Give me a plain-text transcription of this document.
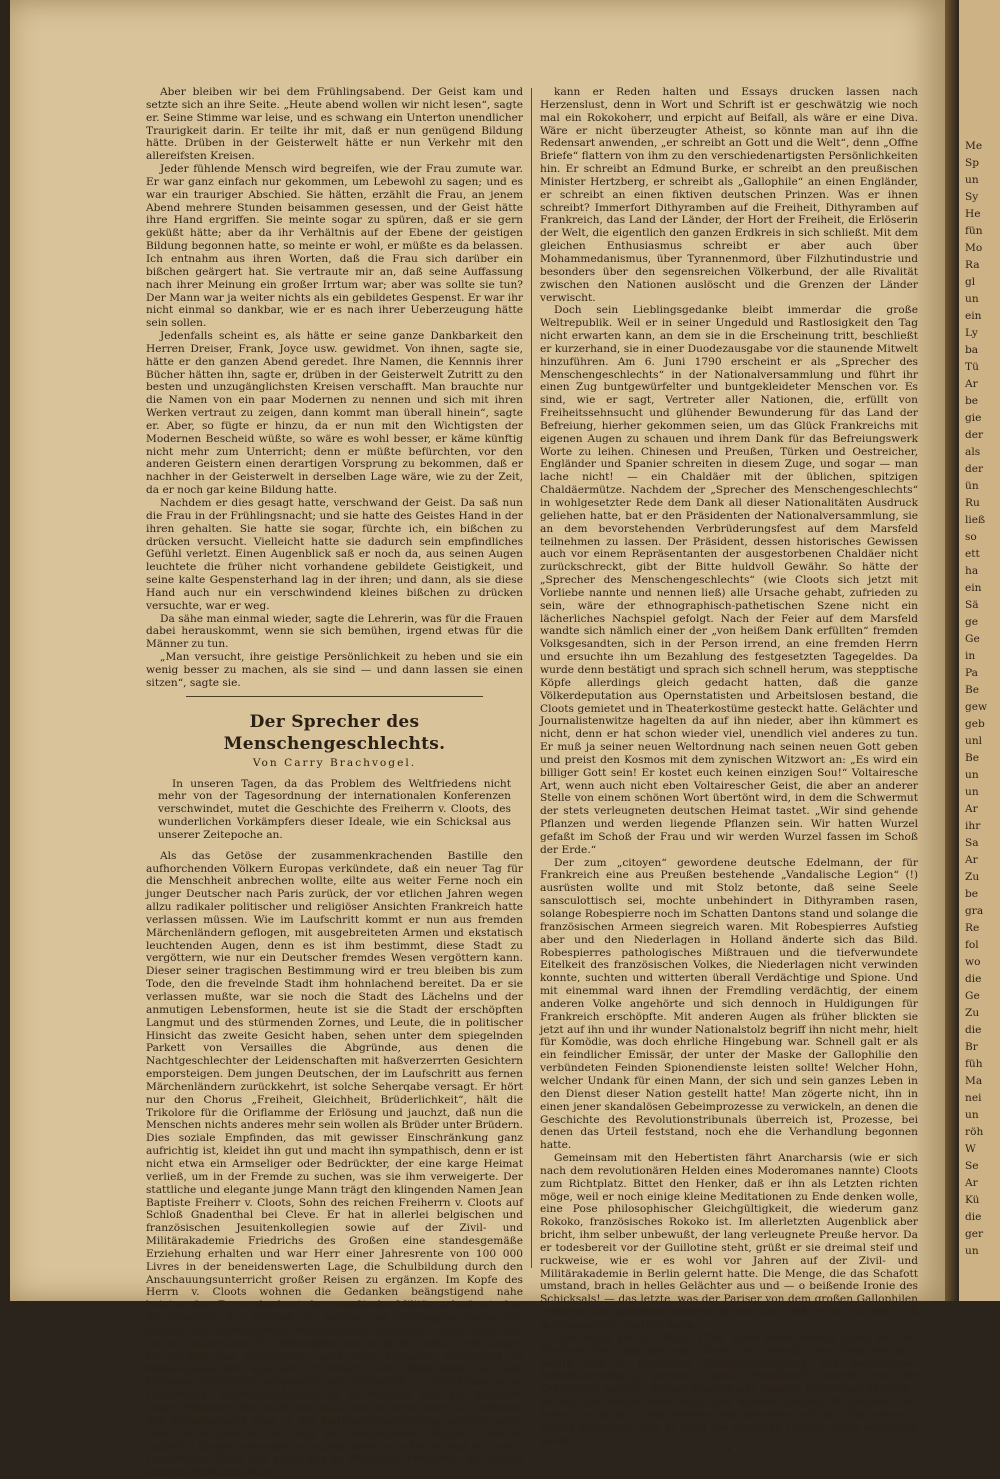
Aber bleiben wir bei dem Frühlingsabend. Der Geist kam und setzte sich an ihre Seite. „Heute abend wollen wir nicht lesen“, sagte er. Seine Stimme war leise, und es schwang ein Unterton unendlicher Traurigkeit darin. Er teilte ihr mit, daß er nun genügend Bildung hätte. Drüben in der Geisterwelt hätte er nun Verkehr mit den allereifsten Kreisen.

Jeder fühlende Mensch wird begreifen, wie der Frau zumute war. Er war ganz einfach nur gekommen, um Lebewohl zu sagen; und es war ein trauriger Abschied. Sie hätten, erzählt die Frau, an jenem Abend mehrere Stunden beisammen gesessen, und der Geist hätte ihre Hand ergriffen. Sie meinte sogar zu spüren, daß er sie gern geküßt hätte; aber da ihr Verhältnis auf der Ebene der geistigen Bildung begonnen hatte, so meinte er wohl, er müßte es da belassen. Ich entnahm aus ihren Worten, daß die Frau sich darüber ein bißchen geärgert hat. Sie vertraute mir an, daß seine Auffassung nach ihrer Meinung ein großer Irrtum war; aber was sollte sie tun? Der Mann war ja weiter nichts als ein gebildetes Gespenst. Er war ihr nicht einmal so dankbar, wie er es nach ihrer Ueberzeugung hätte sein sollen.

Jedenfalls scheint es, als hätte er seine ganze Dankbarkeit den Herren Dreiser, Frank, Joyce usw. gewidmet. Von ihnen, sagte sie, hätte er den ganzen Abend geredet. Ihre Namen, die Kennnis ihrer Bücher hätten ihn, sagte er, drüben in der Geisterwelt Zutritt zu den besten und unzugänglichsten Kreisen verschafft. Man brauchte nur die Namen von ein paar Modernen zu nennen und sich mit ihren Werken vertraut zu zeigen, dann kommt man überall hinein“, sagte er. Aber, so fügte er hinzu, da er nun mit den Wichtigsten der Modernen Bescheid wüßte, so wäre es wohl besser, er käme künftig nicht mehr zum Unterricht; denn er müßte befürchten, vor den anderen Geistern einen derartigen Vorsprung zu bekommen, daß er nachher in der Geisterwelt in derselben Lage wäre, wie zu der Zeit, da er noch gar keine Bildung hatte.

Nachdem er dies gesagt hatte, verschwand der Geist. Da saß nun die Frau in der Frühlingsnacht; und sie hatte des Geistes Hand in der ihren gehalten. Sie hatte sie sogar, fürchte ich, ein bißchen zu drücken versucht. Vielleicht hatte sie dadurch sein empfindliches Gefühl verletzt. Einen Augenblick saß er noch da, aus seinen Augen leuchtete die früher nicht vorhandene gebildete Geistigkeit, und seine kalte Gespensterhand lag in der ihren; und dann, als sie diese Hand auch nur ein verschwindend kleines bißchen zu drücken versuchte, war er weg.

Da sähe man einmal wieder, sagte die Lehrerin, was für die Frauen dabei herauskommt, wenn sie sich bemühen, irgend etwas für die Männer zu tun.

„Man versucht, ihre geistige Persönlichkeit zu heben und sie ein wenig besser zu machen, als sie sind — und dann lassen sie einen sitzen“, sagte sie.

Der Sprecher des Menschengeschlechts.
Von Carry Brachvogel.

In unseren Tagen, da das Problem des Weltfriedens nicht mehr von der Tagesordnung der internationalen Konferenzen verschwindet, mutet die Geschichte des Freiherrn v. Cloots, des wunderlichen Vorkämpfers dieser Ideale, wie ein Schicksal aus unserer Zeitepoche an.

Als das Getöse der zusammenkrachenden Bastille den aufhorchenden Völkern Europas verkündete, daß ein neuer Tag für die Menschheit anbrechen wollte, eilte aus weiter Ferne noch ein junger Deutscher nach Paris zurück, der vor etlichen Jahren wegen allzu radikaler politischer und religiöser Ansichten Frankreich hatte verlassen müssen. Wie im Laufschritt kommt er nun aus fremden Märchenländern geflogen, mit ausgebreiteten Armen und ekstatisch leuchtenden Augen, denn es ist ihm bestimmt, diese Stadt zu vergöttern, wie nur ein Deutscher fremdes Wesen vergöttern kann. Dieser seiner tragischen Bestimmung wird er treu bleiben bis zum Tode, den die frevelnde Stadt ihm hohnlachend bereitet. Da er sie verlassen mußte, war sie noch die Stadt des Lächelns und der anmutigen Lebensformen, heute ist sie die Stadt der erschöpften Langmut und des stürmenden Zornes, und Leute, die in politischer Hinsicht das zweite Gesicht haben, sehen unter dem spiegelnden Parkett von Versailles die Abgründe, aus denen die Nachtgeschlechter der Leidenschaften mit haßverzerrten Gesichtern emporsteigen. Dem jungen Deutschen, der im Laufschritt aus fernen Märchenländern zurückkehrt, ist solche Seherqabe versagt. Er hört nur den Chorus „Freiheit, Gleichheit, Brüderlichkeit“, hält die Trikolore für die Oriflamme der Erlösung und jauchzt, daß nun die Menschen nichts anderes mehr sein wollen als Brüder unter Brüdern. Dies soziale Empfinden, das mit gewisser Einschränkung ganz aufrichtig ist, kleidet ihn gut und macht ihn sympathisch, denn er ist nicht etwa ein Armseliger oder Bedrückter, der eine karge Heimat verließ, um in der Fremde zu suchen, was sie ihm verweigerte. Der stattliche und elegante junge Mann trägt den klingenden Namen Jean Baptiste Freiherr v. Cloots, Sohn des reichen Freiherrn v. Cloots auf Schloß Gnadenthal bei Cleve. Er hat in allerlei belgischen und französischen Jesuitenkollegien sowie auf der Zivil- und Militärakademie Friedrichs des Großen eine standesgemäße Erziehung erhalten und war Herr einer Jahresrente von 100 000 Livres in der beneidenswerten Lage, die Schulbildung durch den Anschauungsunterricht großer Reisen zu ergänzen. Im Kopfe des Herrn v. Cloots wohnen die Gedanken beängstigend nahe beieinander. Er verabscheut das preußische Militär, schwärmt aber für Friedrich den Großen. Er huldigt auf verstiegene Weise den Manen des verstorbenen Naturapostels Rousseau, kann aber von seiner Leidenschaft für Weltstädte, das heißt für Paris, nicht lassen. Er predigt den Weltfrieden, wird aber späterhin Geldmittel zu Rüstungszwecken spenden, er träumt vom Völkerbund, der alle Nationen brüderlich umspannen soll, brüderlich — unter Frankreichs Hegemonie! Selbstverständlich ist er Mitglied und ein Weilchen sogar Präsident des Jakobinerclubs, wie er denn auch als Vertreter des Departements Oise in die Nationalversammlung gewählt wird. Nun, da er erreicht hat, was ein französischer „Bürger“ (der er natürlich längst geworden) erreichen kann, nun hat er, was sein ewig rumorender Geist und seine üppige Phantasie brauchen: ein Forum und ein Publikum. Nun

kann er Reden halten und Essays drucken lassen nach Herzenslust, denn in Wort und Schrift ist er geschwätzig wie noch mal ein Rokokoherr, und erpicht auf Beifall, als wäre er eine Diva. Wäre er nicht überzeugter Atheist, so könnte man auf ihn die Redensart anwenden, „er schreibt an Gott und die Welt“, denn „Offne Briefe“ flattern von ihm zu den verschiedenartigsten Persönlichkeiten hin. Er schreibt an Edmund Burke, er schreibt an den preußischen Minister Hertzberg, er schreibt als „Gallophile“ an einen Engländer, er schreibt an einen fiktiven deutschen Prinzen. Was er ihnen schreibt? Immerfort Dithyramben auf die Freiheit, Dithyramben auf Frankreich, das Land der Länder, der Hort der Freiheit, die Erlöserin der Welt, die eigentlich den ganzen Erdkreis in sich schließt. Mit dem gleichen Enthusiasmus schreibt er aber auch über Mohammedanismus, über Tyrannenmord, über Filzhutindustrie und besonders über den segensreichen Völkerbund, der alle Rivalität zwischen den Nationen auslöscht und die Grenzen der Länder verwischt.

Doch sein Lieblingsgedanke bleibt immerdar die große Weltrepublik. Weil er in seiner Ungeduld und Rastlosigkeit den Tag nicht erwarten kann, an dem sie in die Erscheinung tritt, beschließt er kurzerhand, sie in einer Duodezausgabe vor die staunende Mitwelt hinzuführen. Am 6. Juni 1790 erscheint er als „Sprecher des Menschengeschlechts“ in der Nationalversammlung und führt ihr einen Zug buntgewürfelter und buntgekleideter Menschen vor. Es sind, wie er sagt, Vertreter aller Nationen, die, erfüllt von Freiheitssehnsucht und glühender Bewunderung für das Land der Befreiung, hierher gekommen seien, um das Glück Frankreichs mit eigenen Augen zu schauen und ihrem Dank für das Befreiungswerk Worte zu leihen. Chinesen und Preußen, Türken und Oestreicher, Engländer und Spanier schreiten in diesem Zuge, und sogar — man lache nicht! — ein Chaldäer mit der üblichen, spitzigen Chaldäermütze. Nachdem der „Sprecher des Menschengeschlechts“ in wohlgesetzter Rede dem Dank all dieser Nationalitäten Ausdruck geliehen hatte, bat er den Präsidenten der Nationalversammlung, sie an dem bevorstehenden Verbrüderungsfest auf dem Marsfeld teilnehmen zu lassen. Der Präsident, dessen historisches Gewissen auch vor einem Repräsentanten der ausgestorbenen Chaldäer nicht zurückschreckt, gibt der Bitte huldvoll Gewähr. So hätte der „Sprecher des Menschengeschlechts“ (wie Cloots sich jetzt mit Vorliebe nannte und nennen ließ) alle Ursache gehabt, zufrieden zu sein, wäre der ethnographisch-pathetischen Szene nicht ein lächerliches Nachspiel gefolgt. Nach der Feier auf dem Marsfeld wandte sich nämlich einer der „von heißem Dank erfüllten“ fremden Volksgesandten, sich in der Person irrend, an eine fremden Herrn und ersuchte ihn um Bezahlung des festgesetzten Tagegeldes. Da wurde denn bestätigt und sprach sich schnell herum, was stepptische Köpfe allerdings gleich gedacht hatten, daß die ganze Völkerdeputation aus Opernstatisten und Arbeitslosen bestand, die Cloots gemietet und in Theaterkostüme gesteckt hatte. Gelächter und Journalistenwitze hagelten da auf ihn nieder, aber ihn kümmert es nicht, denn er hat schon wieder viel, unendlich viel anderes zu tun. Er muß ja seiner neuen Weltordnung nach seinen neuen Gott geben und preist den Kosmos mit dem zynischen Witzwort an: „Es wird ein billiger Gott sein! Er kostet euch keinen einzigen Sou!“ Voltairesche Art, wenn auch nicht eben Voltairescher Geist, die aber an anderer Stelle von einem schönen Wort übertönt wird, in dem die Schwermut der stets verleugneten deutschen Heimat tastet. „Wir sind gehende Pflanzen und werden liegende Pflanzen sein. Wir hatten Wurzel gefaßt im Schoß der Frau und wir werden Wurzel fassen im Schoß der Erde.“

Der zum „citoyen“ gewordene deutsche Edelmann, der für Frankreich eine aus Preußen bestehende „Vandalische Legion“ (!) ausrüsten wollte und mit Stolz betonte, daß seine Seele sansculottisch sei, mochte unbehindert in Dithyramben rasen, solange Robespierre noch im Schatten Dantons stand und solange die französischen Armeen siegreich waren. Mit Robespierres Aufstieg aber und den Niederlagen in Holland änderte sich das Bild. Robespierres pathologisches Mißtrauen und die tiefverwundete Eitelkeit des französischen Volkes, die Niederlagen nicht verwinden konnte, suchten und witterten überall Verdächtige und Spione. Und mit einemmal ward ihnen der Fremdling verdächtig, der einem anderen Volke angehörte und sich dennoch in Huldigungen für Frankreich erschöpfte. Mit anderen Augen als früher blickten sie jetzt auf ihn und ihr wunder Nationalstolz begriff ihn nicht mehr, hielt für Komödie, was doch ehrliche Hingebung war. Schnell galt er als ein feindlicher Emissär, der unter der Maske der Gallophilie den verbündeten Feinden Spionendienste leisten sollte! Welcher Hohn, welcher Undank für einen Mann, der sich und sein ganzes Leben in den Dienst dieser Nation gestellt hatte! Man zögerte nicht, ihn in einen jener skandalösen Gebeimprozesse zu verwickeln, an denen die Geschichte des Revolutionstribunals überreich ist, Prozesse, bei denen das Urteil feststand, noch ehe die Verhandlung begonnen hatte.

Gemeinsam mit den Hebertisten fährt Anarcharsis (wie er sich nach dem revolutionären Helden eines Moderomanes nannte) Cloots zum Richtplatz. Bittet den Henker, daß er ihn als Letzten richten möge, weil er noch einige kleine Meditationen zu Ende denken wolle, eine Pose philosophischer Gleichgültigkeit, die wiederum ganz Rokoko, französisches Rokoko ist. Im allerletzten Augenblick aber bricht, ihm selber unbewußt, der lang verleugnete Preuße hervor. Da er todesbereit vor der Guillotine steht, grüßt er sie dreimal steif und ruckweise, wie er es wohl vor Jahren auf der Zivil- und Militärakademie in Berlin gelernt hatte. Die Menge, die das Schafott umstand, brach in helles Gelächter aus und — o beißende Ironie des Schicksals! — das letzte, was der Pariser von dem großen Gallophilen erfuhren und spottend weitererzählten, war, daß er die Guillotine „à la prussienne“ gegrüßt habe.

Also starb am 24. März 1794, noch nicht vierzig Jahre alt, der Freiherr Jean Baptiste von Cloots, der Preuße war, Franzose sein wollte und in nationaler Selbsterniedrigung und persönlicher Selbstüberhebung gemeint hatte, Frankreich werde ihm die Grabschrift setzen: „Dieser Vandale war unserer Revolution nützlich.“ Es hat ihm weder diese noch eine andere Grabschrift gegönnt, hat seinen Leichnam in das Massengrab geworfen und den Freiherrn von Cloots vergessen, wie er einst die deutsche Heimat hatte vergessen wollen.

*

Me
Sp
un
Sy
He
fün
Mo
Ra
gl
un
ein
Ly
ba
Tü
Ar
be
gie
der
als
der
ün
Ru
ließ
so
ett
ha
ein
Sä
ge
Ge
in
Pa
Be
gew
geb
unl
Be
un
un
Ar
ihr
Sa
Ar
Zu
be
gra
Re
fol
wo
die
Ge
Zu
die
Br
füh
Ma
nei
un
röh
W
Se
Ar
Kü
die
ger
un
